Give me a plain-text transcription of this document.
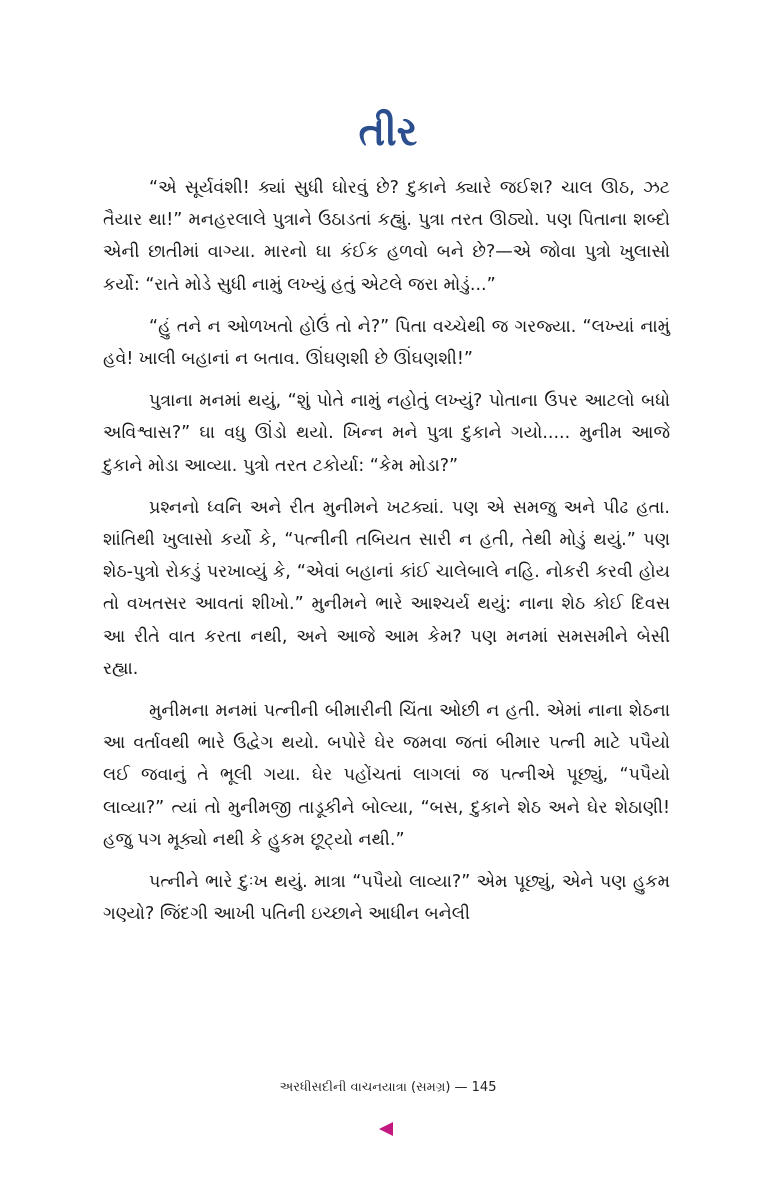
તીર

“એ સૂર્યવંશી! ક્યાં સુધી ઘોરવું છે? દુકાને ક્યારે જઈશ? ચાલ ઊઠ, ઝટ તૈયાર થા!” મનહરલાલે પુત્રાને ઉઠાડતાં કહ્યું. પુત્રા તરત ઊઠ્યો. પણ પિતાના શબ્દો એની છાતીમાં વાગ્યા. મારનો ઘા કંઈક હળવો બને છે?—એ જોવા પુત્રો ખુલાસો કર્યો: “રાતે મોડે સુધી નામું લખ્યું હતું એટલે જરા મોડું...”

“હું તને ન ઓળખતો હોઉં તો ને?” પિતા વચ્ચેથી જ ગરજ્યા. “લખ્યાં નામું હવે! ખાલી બહાનાં ન બતાવ. ઊંઘણશી છે ઊંઘણશી!”

પુત્રાના મનમાં થયું, “શું પોતે નામું નહોતું લખ્યું? પોતાના ઉપર આટલો બધો અવિશ્વાસ?” ઘા વધુ ઊંડો થયો. ખિન્ન મને પુત્રા દુકાને ગયો..... મુનીમ આજે દુકાને મોડા આવ્યા. પુત્રો તરત ટકોર્યા: “કેમ મોડા?”

પ્રશ્નનો ધ્વનિ અને રીત મુનીમને ખટક્યાં. પણ એ સમજુ અને પીઢ હતા. શાંતિથી ખુલાસો કર્યો કે, “પત્નીની તબિયત સારી ન હતી, તેથી મોડું થયું.” પણ શેઠ-પુત્રો રોકડું પરખાવ્યું કે, “એવાં બહાનાં કાંઈ ચાલેબાલે નહિ. નોકરી કરવી હોય તો વખતસર આવતાં શીખો.” મુનીમને ભારે આશ્ચર્ય થયું: નાના શેઠ કોઈ દિવસ આ રીતે વાત કરતા નથી, અને આજે આમ કેમ? પણ મનમાં સમસમીને બેસી રહ્યા.

મુનીમના મનમાં પત્નીની બીમારીની ચિંતા ઓછી ન હતી. એમાં નાના શેઠના આ વર્તાવથી ભારે ઉદ્વેગ થયો. બપોરે ઘેર જમવા જતાં બીમાર પત્ની માટે પપૈયો લઈ જવાનું તે ભૂલી ગયા. ઘેર પહોંચતાં લાગલાં જ પત્નીએ પૂછ્યું, “પપૈયો લાવ્યા?” ત્યાં તો મુનીમજી તાડૂકીને બોલ્યા, “બસ, દુકાને શેઠ અને ઘેર શેઠાણી! હજુ પગ મૂક્યો નથી કે હુકમ છૂટ્યો નથી.”

પત્નીને ભારે દુઃખ થયું. માત્રા “પપૈયો લાવ્યા?” એમ પૂછ્યું, એને પણ હુકમ ગણ્યો? જિંદગી આખી પતિની ઇચ્છાને આધીન બનેલી

અરધીસદીની વાચનયાત્રા (સમગ્ર) — 145
